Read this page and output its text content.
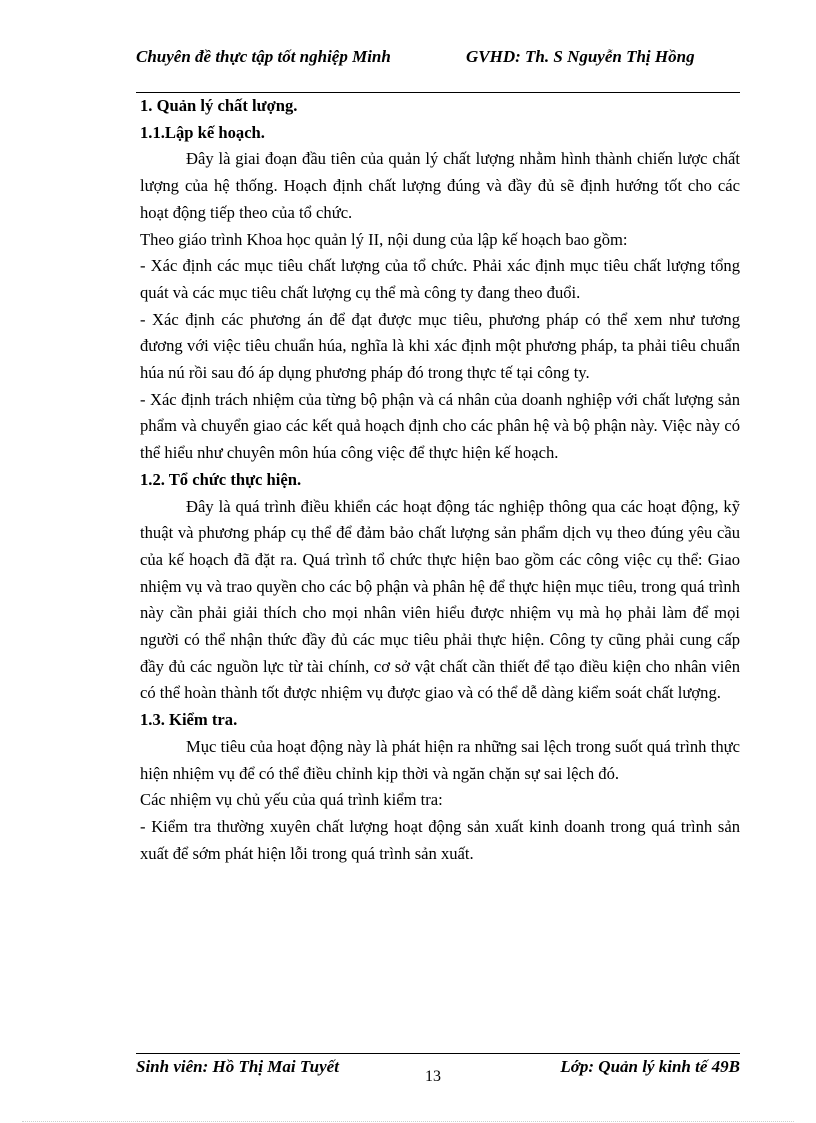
Chuyên đề thực tập tốt nghiệp Minh	GVHD: Th. S Nguyễn Thị Hồng

1. Quản lý chất lượng.

1.1.Lập kế hoạch.

Đây là giai đoạn đầu tiên của quản lý chất lượng nhằm hình thành chiến lược chất lượng của hệ thống. Hoạch định chất lượng đúng và đầy đủ sẽ định hướng tốt cho các hoạt động tiếp theo của tổ chức.

Theo giáo trình Khoa học quản lý II, nội dung của lập kế hoạch bao gồm:

- Xác định các mục tiêu chất lượng của tổ chức. Phải xác định mục tiêu chất lượng tổng quát và các mục tiêu chất lượng cụ thể mà công ty đang theo đuổi.

- Xác định các phương án để đạt được mục tiêu, phương pháp có thể xem như tương đương với việc tiêu chuẩn húa, nghĩa là khi xác định một phương pháp, ta phải tiêu chuẩn húa nú rồi sau đó áp dụng phương pháp đó trong thực tế tại công ty.

- Xác định trách nhiệm của từng bộ phận và cá nhân của doanh nghiệp với chất lượng sản phẩm và chuyển giao các kết quả hoạch định cho các phân hệ và bộ phận này. Việc này có thể hiểu như chuyên môn húa công việc để thực hiện kế hoạch.

1.2. Tổ chức thực hiện.

Đây là quá trình điều khiển các hoạt động tác nghiệp thông qua các hoạt động, kỹ thuật và phương pháp cụ thể để đảm bảo chất lượng sản phẩm dịch vụ theo đúng yêu cầu của kế hoạch đã đặt ra. Quá trình tổ chức thực hiện bao gồm các công việc cụ thể: Giao nhiệm vụ và trao quyền cho các bộ phận và phân hệ để thực hiện mục tiêu, trong quá trình này cần phải giải thích cho mọi nhân viên hiểu được nhiệm vụ mà họ phải làm để mọi người có thể nhận thức đầy đủ các mục tiêu phải thực hiện. Công ty cũng phải cung cấp đầy đủ các nguồn lực từ tài chính, cơ sở vật chất cần thiết để tạo điều kiện cho nhân viên có thể hoàn thành tốt được nhiệm vụ được giao và có thể dễ dàng kiểm soát chất lượng.

1.3. Kiểm tra.

Mục tiêu của hoạt động này là phát hiện ra những sai lệch trong suốt quá trình thực hiện nhiệm vụ để có thể điều chỉnh kịp thời và ngăn chặn sự sai lệch đó.

Các nhiệm vụ chủ yếu của quá trình kiểm tra:

- Kiểm tra thường xuyên chất lượng hoạt động sản xuất kinh doanh trong quá trình sản xuất để sớm phát hiện lỗi trong quá trình sản xuất.

Sinh viên: Hồ Thị Mai Tuyết
13
Lớp: Quản lý kinh tế 49B
